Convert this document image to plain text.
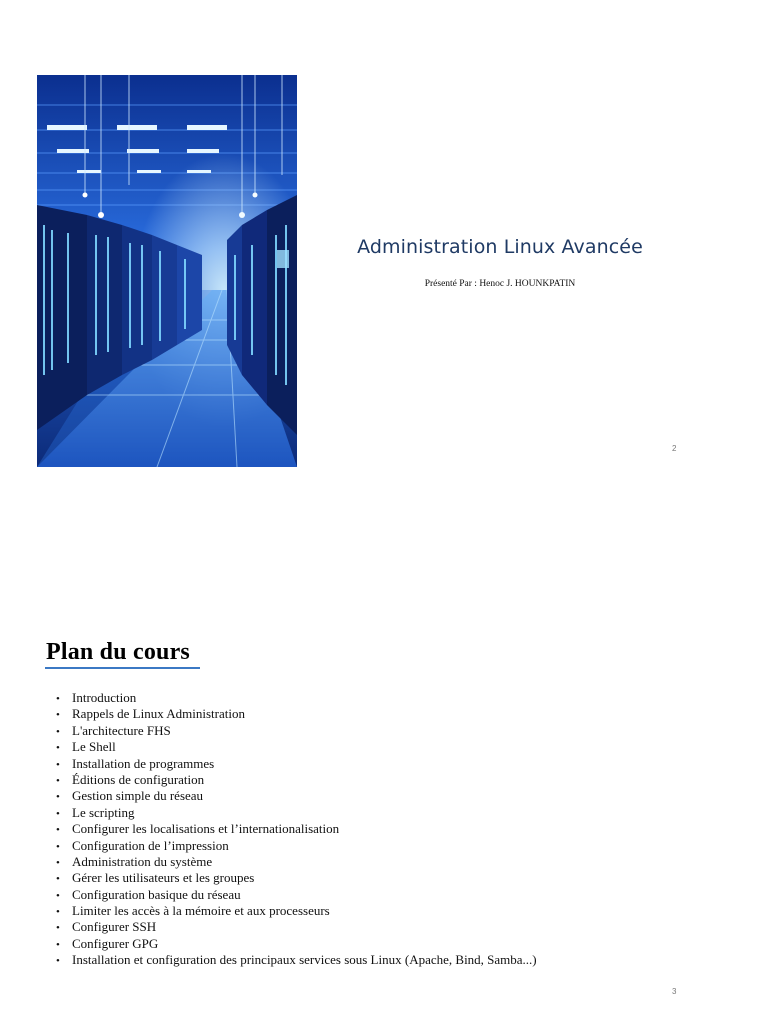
Administration Linux Avancée
Présenté Par : Henoc J. HOUNKPATIN
2
Plan du cours
• Introduction
• Rappels de Linux Administration
• L'architecture FHS
• Le Shell
• Installation de programmes
• Éditions de configuration
• Gestion simple du réseau
• Le scripting
• Configurer les localisations et l’internationalisation
• Configuration de l’impression
• Administration du système
• Gérer les utilisateurs et les groupes
• Configuration basique du réseau
• Limiter les accès à la mémoire et aux processeurs
• Configurer SSH
• Configurer GPG
• Installation et configuration des principaux services sous Linux (Apache, Bind, Samba...)
3
